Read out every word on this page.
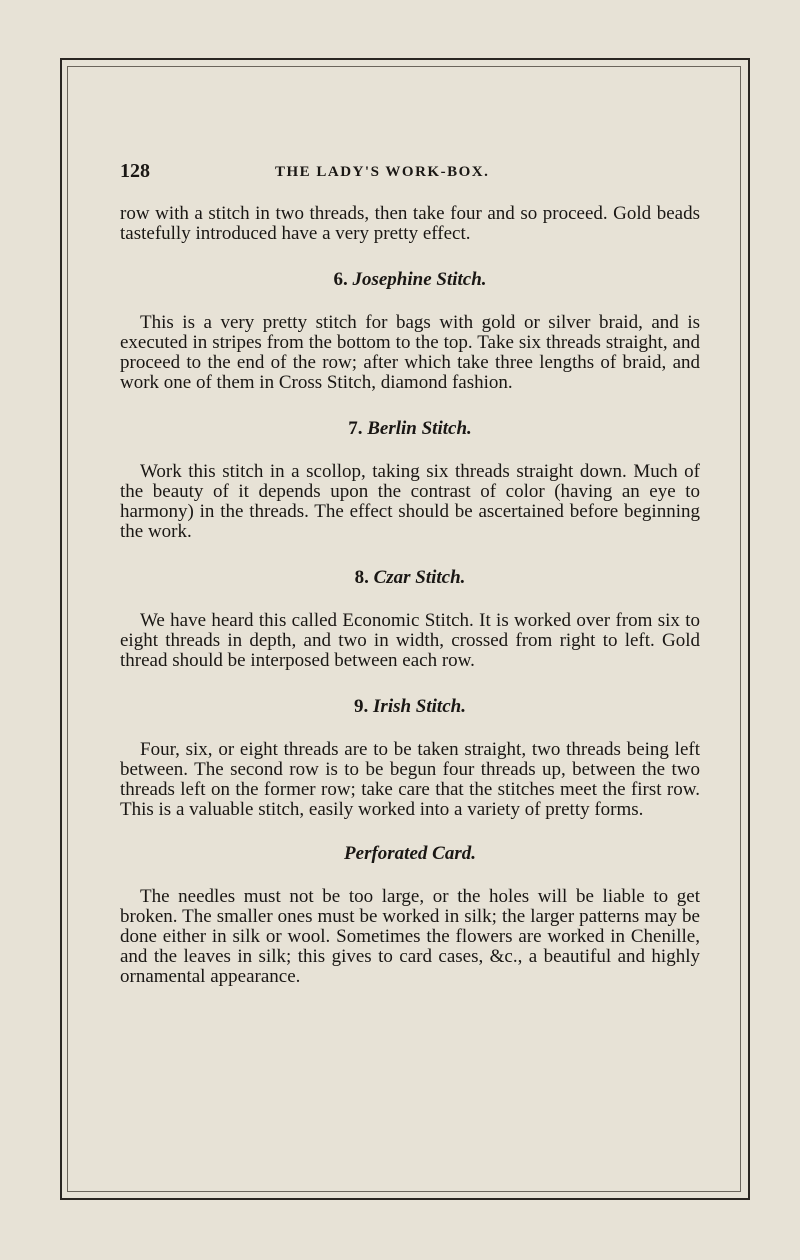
128	THE LADY'S WORK-BOX.

row with a stitch in two threads, then take four and so proceed. Gold beads tastefully introduced have a very pretty effect.

6. Josephine Stitch.

This is a very pretty stitch for bags with gold or silver braid, and is executed in stripes from the bottom to the top. Take six threads straight, and proceed to the end of the row; after which take three lengths of braid, and work one of them in Cross Stitch, diamond fashion.

7. Berlin Stitch.

Work this stitch in a scollop, taking six threads straight down. Much of the beauty of it depends upon the contrast of color (having an eye to harmony) in the threads. The effect should be ascertained before beginning the work.

8. Czar Stitch.

We have heard this called Economic Stitch. It is worked over from six to eight threads in depth, and two in width, crossed from right to left. Gold thread should be interposed between each row.

9. Irish Stitch.

Four, six, or eight threads are to be taken straight, two threads being left between. The second row is to be begun four threads up, between the two threads left on the former row; take care that the stitches meet the first row. This is a valuable stitch, easily worked into a variety of pretty forms.

Perforated Card.

The needles must not be too large, or the holes will be liable to get broken. The smaller ones must be worked in silk; the larger patterns may be done either in silk or wool. Sometimes the flowers are worked in Chenille, and the leaves in silk; this gives to card cases, &c., a beautiful and highly ornamental appearance.
